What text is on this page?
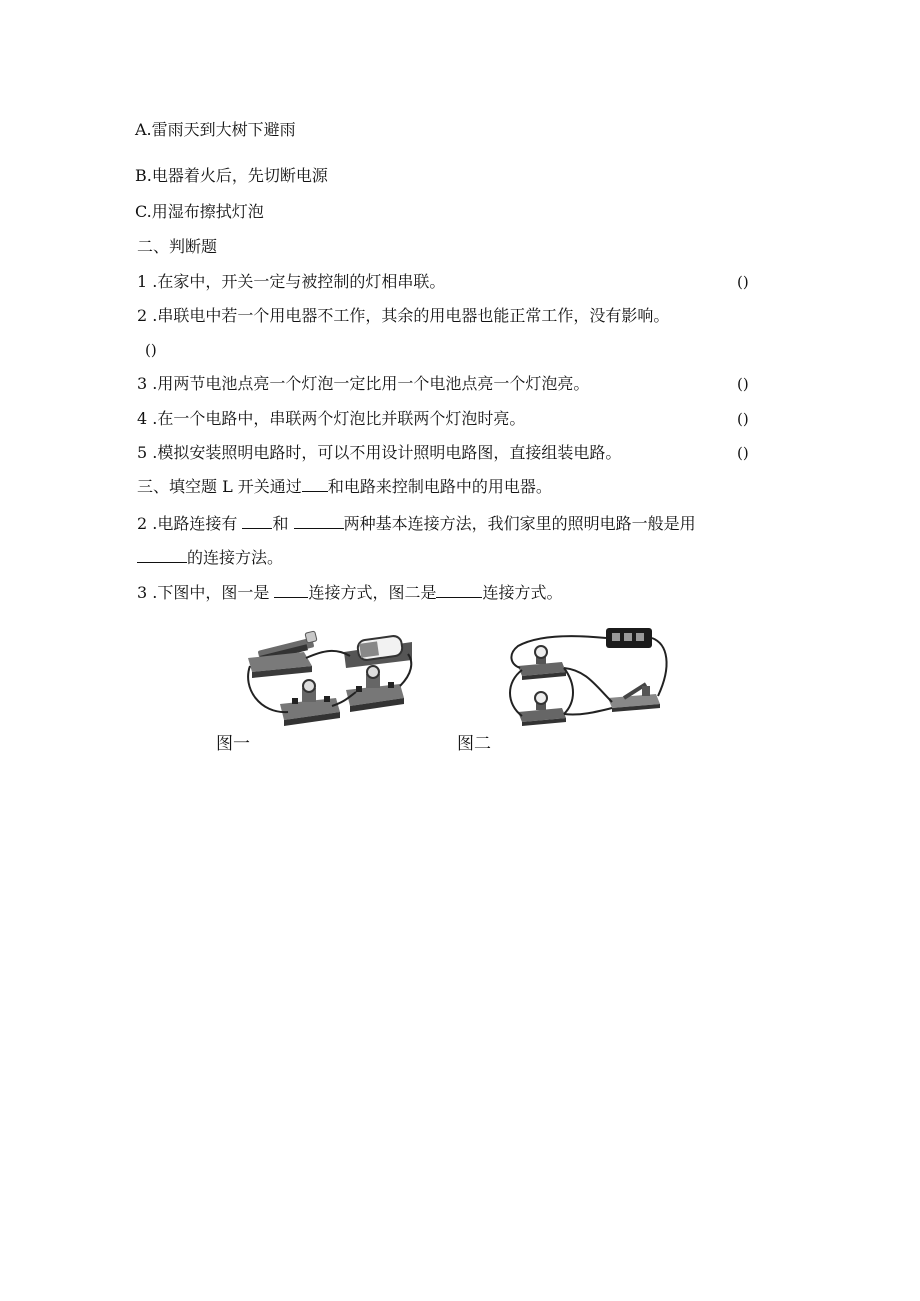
A.雷雨天到大树下避雨
B.电器着火后，先切断电源
C.用湿布擦拭灯泡
二、判断题
1 .在家中，开关一定与被控制的灯相串联。	()
2 .串联电中若一个用电器不工作，其余的用电器也能正常工作，没有影响。
()
3 .用两节电池点亮一个灯泡一定比用一个电池点亮一个灯泡亮。	()
4 .在一个电路中，串联两个灯泡比并联两个灯泡时亮。	()
5 .模拟安装照明电路时，可以不用设计照明电路图，直接组装电路。	()
三、填空题 L 开关通过 和电路来控制电路中的用电器。
2 .电路连接有 和	两种基本连接方法，我们家里的照明电路一般是用
的连接方法。
3 .下图中，图一是 连接方式，图二是	连接方式。
图一	图二
